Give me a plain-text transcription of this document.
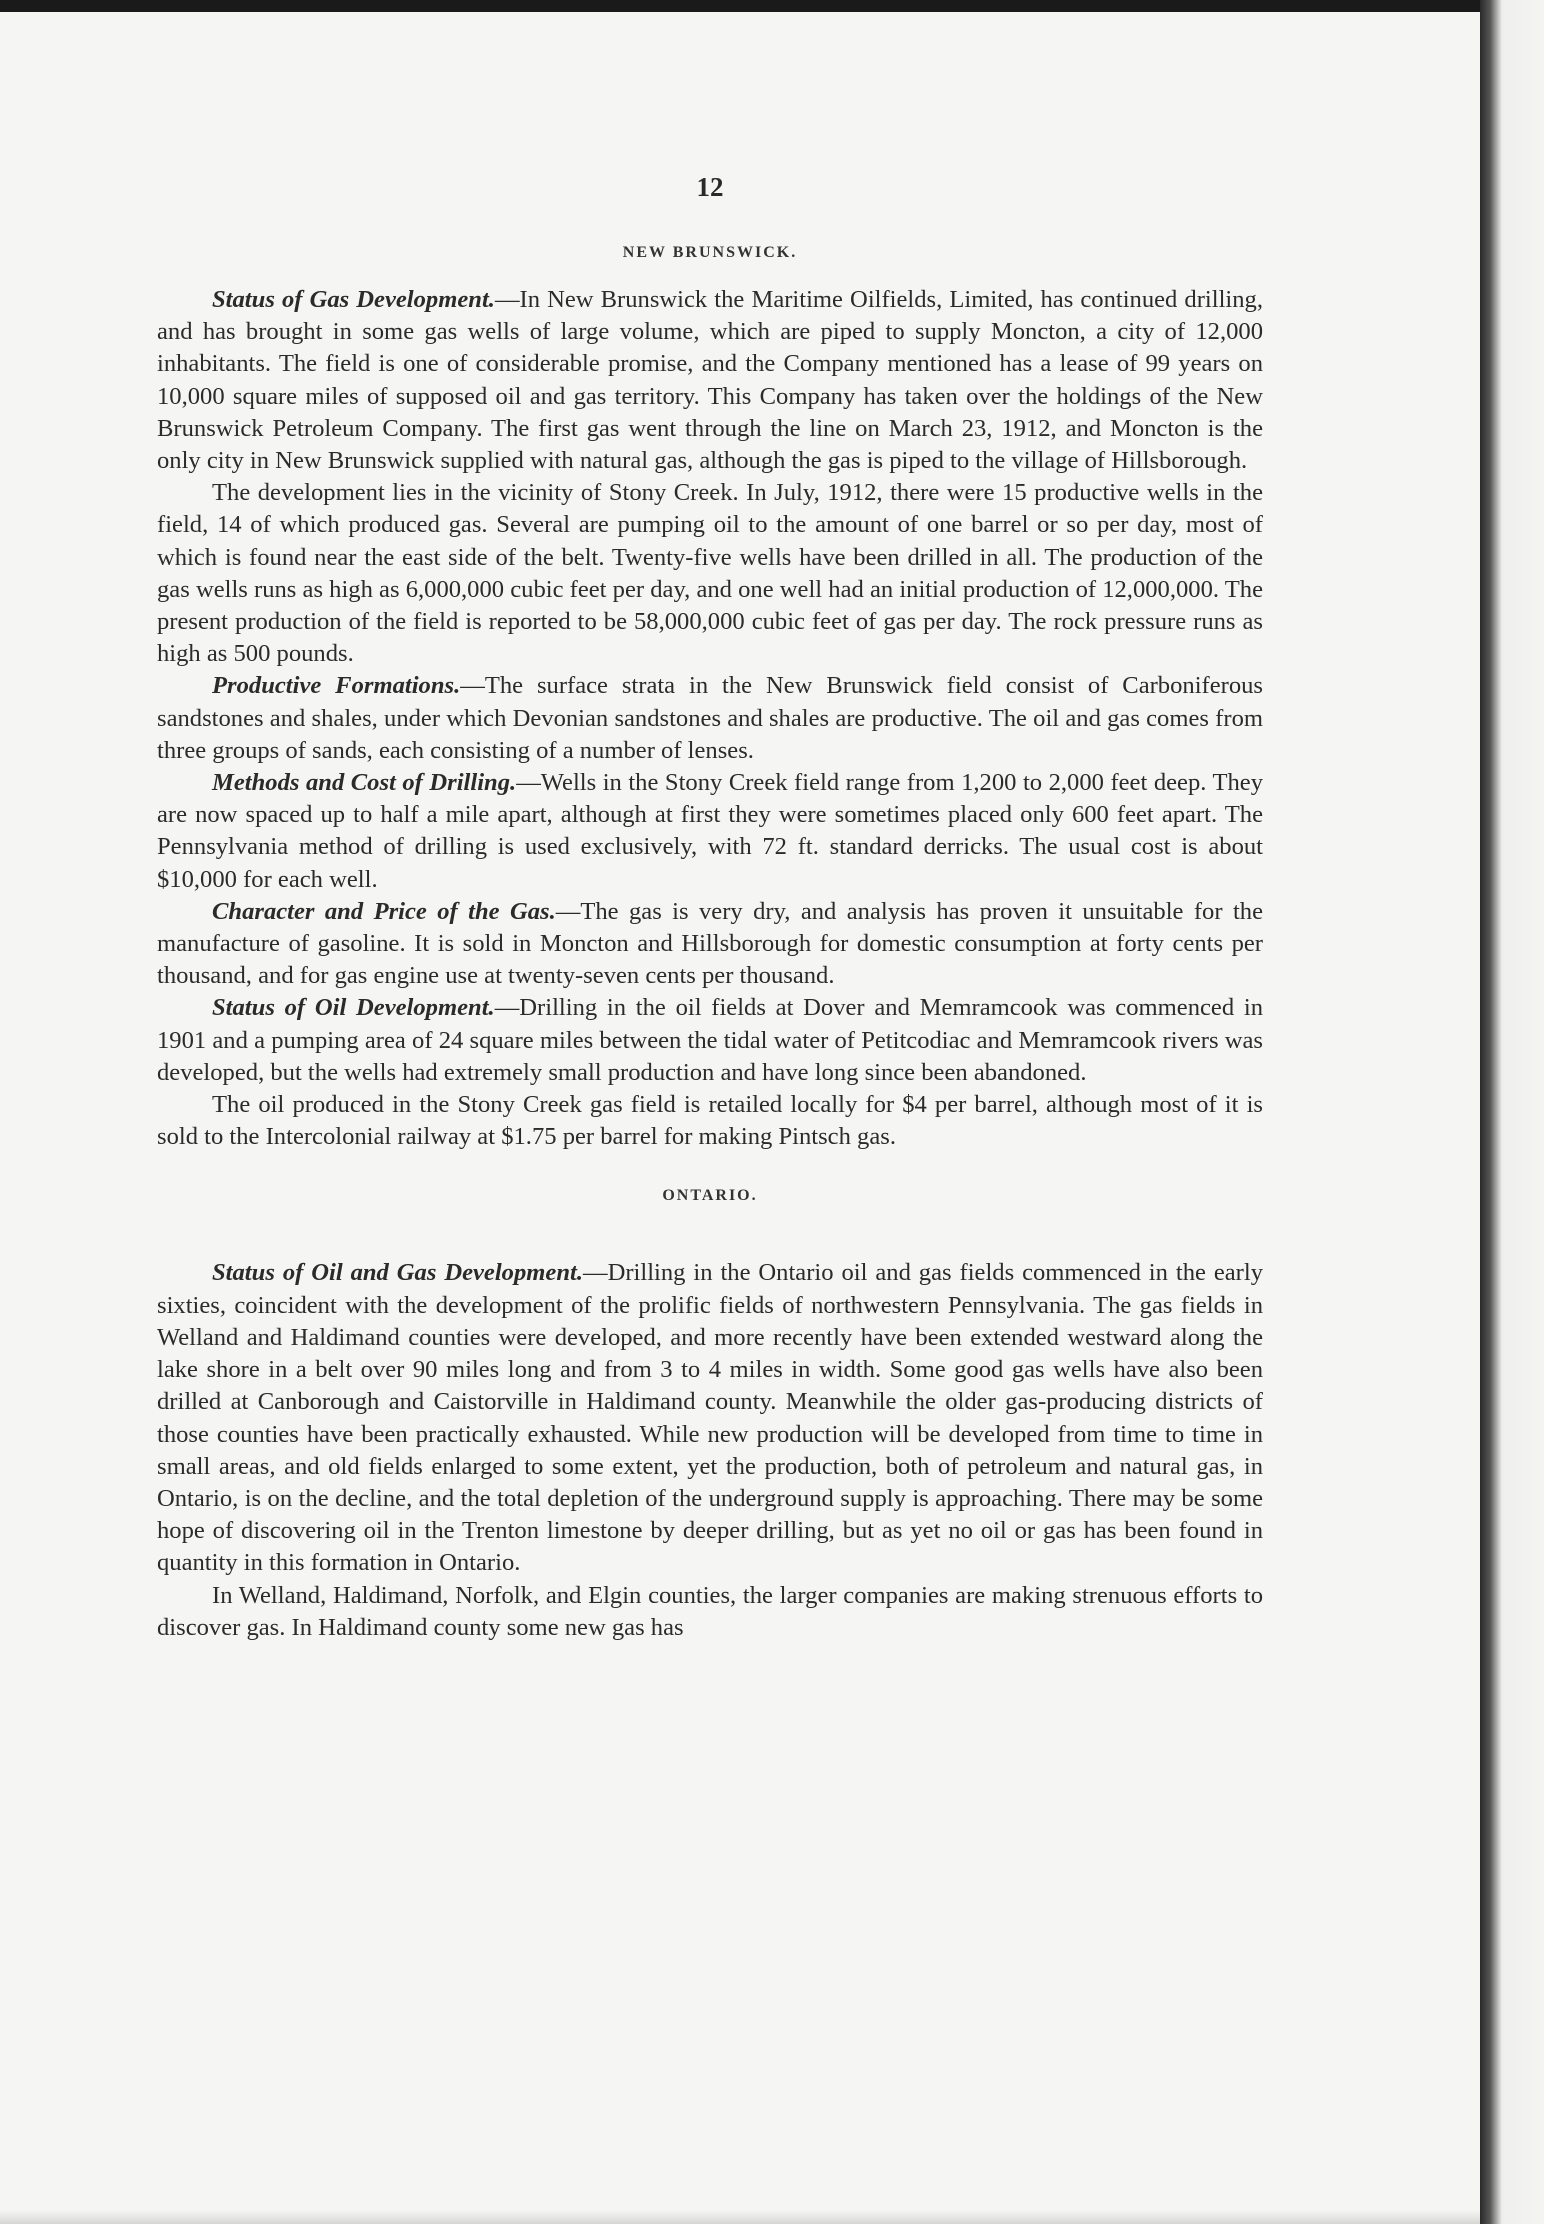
12

NEW BRUNSWICK.

Status of Gas Development.—In New Brunswick the Maritime Oilfields, Limited, has continued drilling, and has brought in some gas wells of large volume, which are piped to supply Moncton, a city of 12,000 inhabitants. The field is one of considerable promise, and the Company mentioned has a lease of 99 years on 10,000 square miles of supposed oil and gas territory. This Company has taken over the holdings of the New Brunswick Petroleum Company. The first gas went through the line on March 23, 1912, and Moncton is the only city in New Brunswick supplied with natural gas, although the gas is piped to the village of Hillsborough.

The development lies in the vicinity of Stony Creek. In July, 1912, there were 15 productive wells in the field, 14 of which produced gas. Several are pumping oil to the amount of one barrel or so per day, most of which is found near the east side of the belt. Twenty-five wells have been drilled in all. The production of the gas wells runs as high as 6,000,000 cubic feet per day, and one well had an initial production of 12,000,000. The present production of the field is reported to be 58,000,000 cubic feet of gas per day. The rock pressure runs as high as 500 pounds.

Productive Formations.—The surface strata in the New Brunswick field consist of Carboniferous sandstones and shales, under which Devonian sandstones and shales are productive. The oil and gas comes from three groups of sands, each consisting of a number of lenses.

Methods and Cost of Drilling.—Wells in the Stony Creek field range from 1,200 to 2,000 feet deep. They are now spaced up to half a mile apart, although at first they were sometimes placed only 600 feet apart. The Pennsylvania method of drilling is used exclusively, with 72 ft. standard derricks. The usual cost is about $10,000 for each well.

Character and Price of the Gas.—The gas is very dry, and analysis has proven it unsuitable for the manufacture of gasoline. It is sold in Moncton and Hillsborough for domestic consumption at forty cents per thousand, and for gas engine use at twenty-seven cents per thousand.

Status of Oil Development.—Drilling in the oil fields at Dover and Memramcook was commenced in 1901 and a pumping area of 24 square miles between the tidal water of Petitcodiac and Memramcook rivers was developed, but the wells had extremely small production and have long since been abandoned.

The oil produced in the Stony Creek gas field is retailed locally for $4 per barrel, although most of it is sold to the Intercolonial railway at $1.75 per barrel for making Pintsch gas.

ONTARIO.

Status of Oil and Gas Development.—Drilling in the Ontario oil and gas fields commenced in the early sixties, coincident with the development of the prolific fields of northwestern Pennsylvania. The gas fields in Welland and Haldimand counties were developed, and more recently have been extended westward along the lake shore in a belt over 90 miles long and from 3 to 4 miles in width. Some good gas wells have also been drilled at Canborough and Caistorville in Haldimand county. Meanwhile the older gas-producing districts of those counties have been practically exhausted. While new production will be developed from time to time in small areas, and old fields enlarged to some extent, yet the production, both of petroleum and natural gas, in Ontario, is on the decline, and the total depletion of the underground supply is approaching. There may be some hope of discovering oil in the Trenton limestone by deeper drilling, but as yet no oil or gas has been found in quantity in this formation in Ontario.

In Welland, Haldimand, Norfolk, and Elgin counties, the larger companies are making strenuous efforts to discover gas. In Haldimand county some new gas has
